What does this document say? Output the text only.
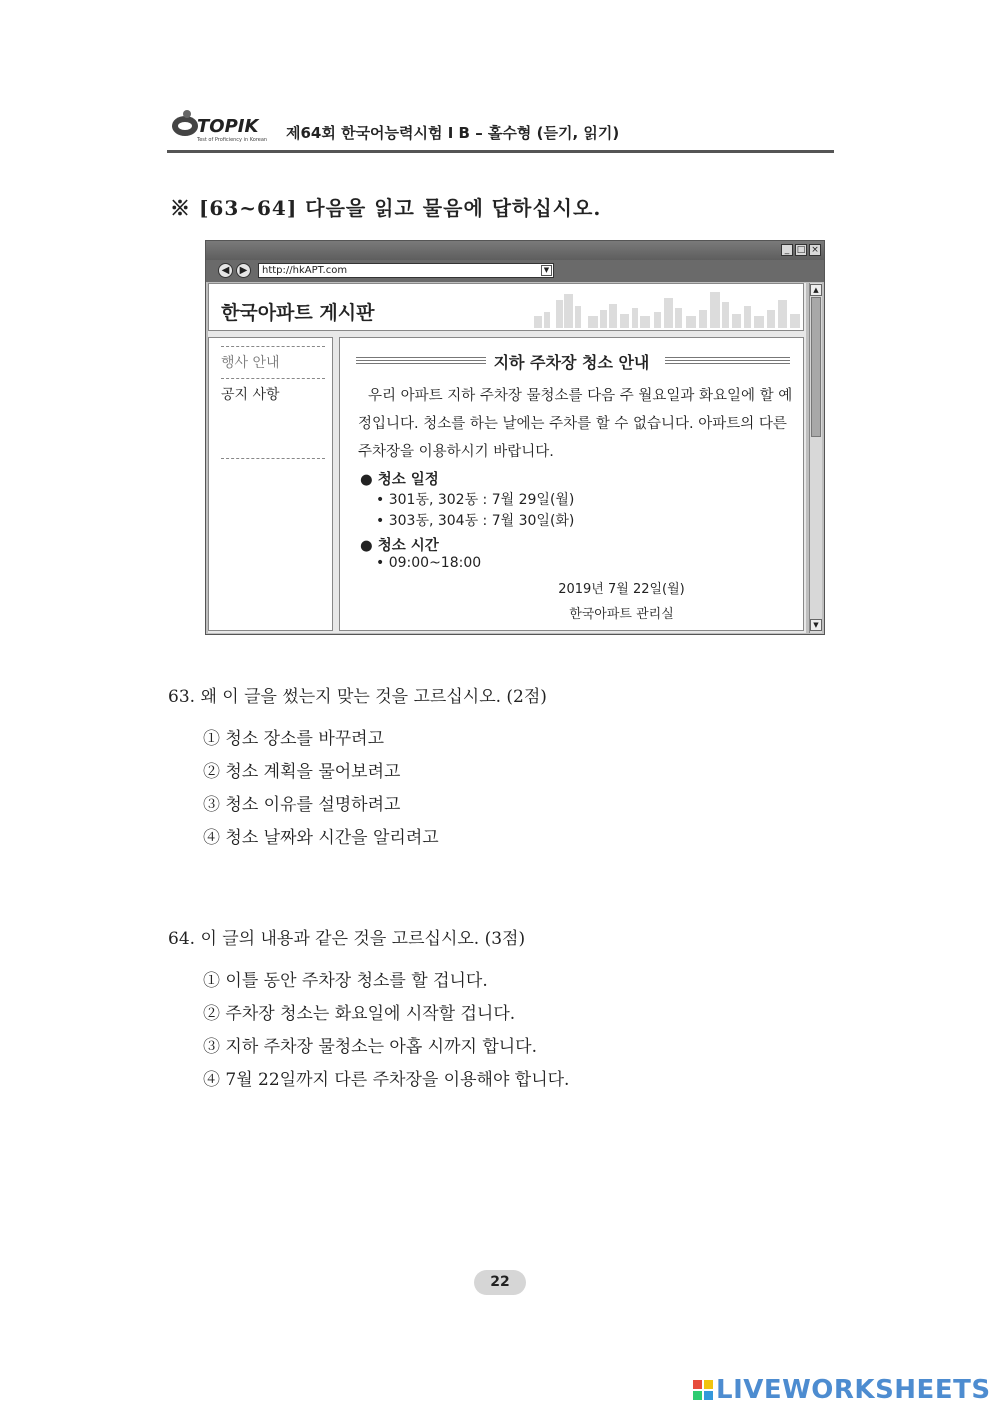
TOPIK
Test of Proficiency in Korean 제64회 한국어능력시험 Ⅰ B – 홀수형 (듣기, 읽기)
※ [63~64] 다음을 읽고 물음에 답하십시오.
_ □ ×
◀	▶	http://hkAPT.com	▼
한국아파트 게시판
행사 안내
공지 사항
지하 주차장 청소 안내
우리 아파트 지하 주차장 물청소를 다음 주 월요일과 화요일에 할 예정입니다. 청소를 하는 날에는 주차를 할 수 없습니다. 아파트의 다른 주차장을 이용하시기 바랍니다.
● 청소 일정
• 301동, 302동 : 7월 29일(월)
• 303동, 304동 : 7월 30일(화)
● 청소 시간
• 09:00~18:00
2019년 7월 22일(월)
한국아파트 관리실
▲
▼
63. 왜 이 글을 썼는지 맞는 것을 고르십시오. (2점)
① 청소 장소를 바꾸려고
② 청소 계획을 물어보려고
③ 청소 이유를 설명하려고
④ 청소 날짜와 시간을 알리려고
64. 이 글의 내용과 같은 것을 고르십시오. (3점)
① 이틀 동안 주차장 청소를 할 겁니다.
② 주차장 청소는 화요일에 시작할 겁니다.
③ 지하 주차장 물청소는 아홉 시까지 합니다.
④ 7월 22일까지 다른 주차장을 이용해야 합니다.
22
LIVEWORKSHEETS
